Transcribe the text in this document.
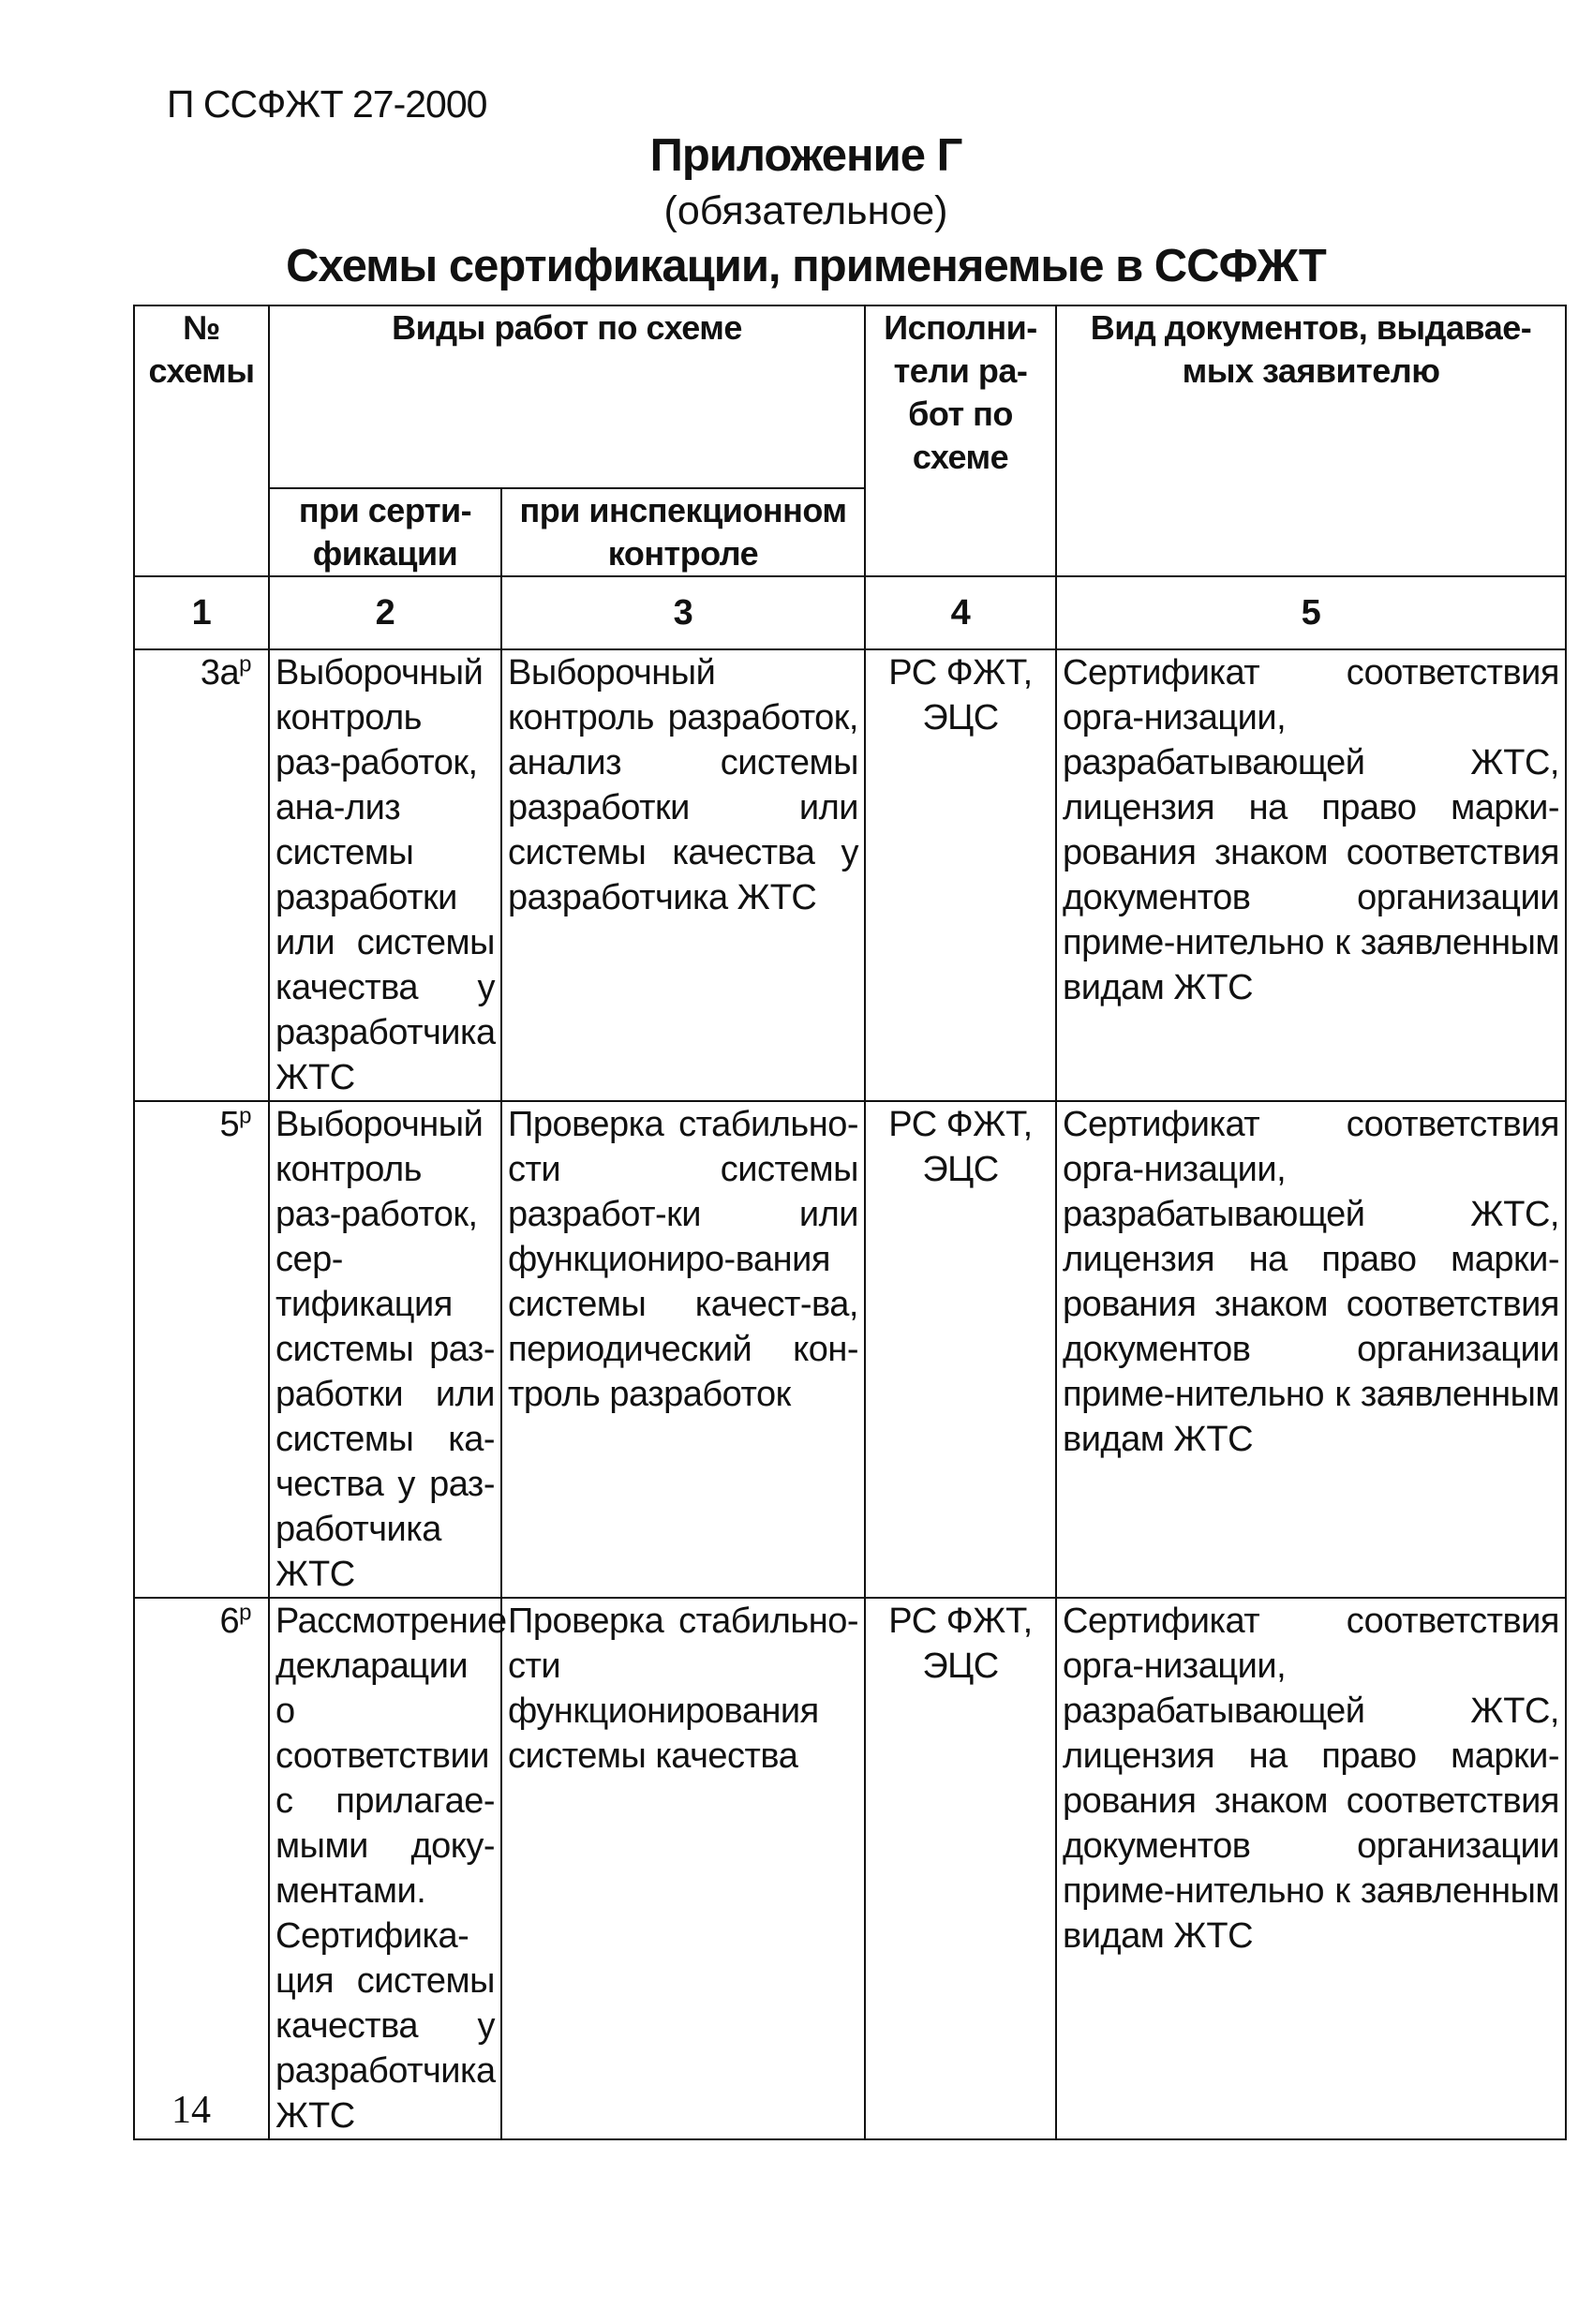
П ССФЖТ 27-2000
Приложение Г
(обязательное)
Схемы сертификации, применяемые в ССФЖТ
№ схемы	Виды работ по схеме		Исполни-тели ра-бот по схеме	Вид документов, выдавае-мых заявителю
	при серти-фикации	при инспекционном контроле		
1	2	3	4	5
$3а^р$	Выборочный контроль раз-работок, ана-лиз системы разработки или системы качества у разработчика ЖТС	Выборочный контроль разработок, анализ системы разработки или системы качества у разработчика ЖТС	РС ФЖТ, ЭЦС	Сертификат соответствия орга-низации, разрабатывающей ЖТС, лицензия на право марки-рования знаком соответствия документов организации приме-нительно к заявленным видам ЖТС
$5^р$	Выборочный контроль раз-работок, сер-тификация системы раз-работки или системы ка-чества у раз-работчика ЖТС	Проверка стабильно-сти системы разработ-ки или функциониро-вания системы качест-ва, периодический кон-троль разработок	РС ФЖТ, ЭЦС	Сертификат соответствия орга-низации, разрабатывающей ЖТС, лицензия на право марки-рования знаком соответствия документов организации приме-нительно к заявленным видам ЖТС
$6^р$	Рассмотрение декларации о соответствии с прилагае-мыми доку-ментами. Сертифика-ция системы качества у разработчика ЖТС	Проверка стабильно-сти функционирования системы качества	РС ФЖТ, ЭЦС	Сертификат соответствия орга-низации, разрабатывающей ЖТС, лицензия на право марки-рования знаком соответствия документов организации приме-нительно к заявленным видам ЖТС
14
